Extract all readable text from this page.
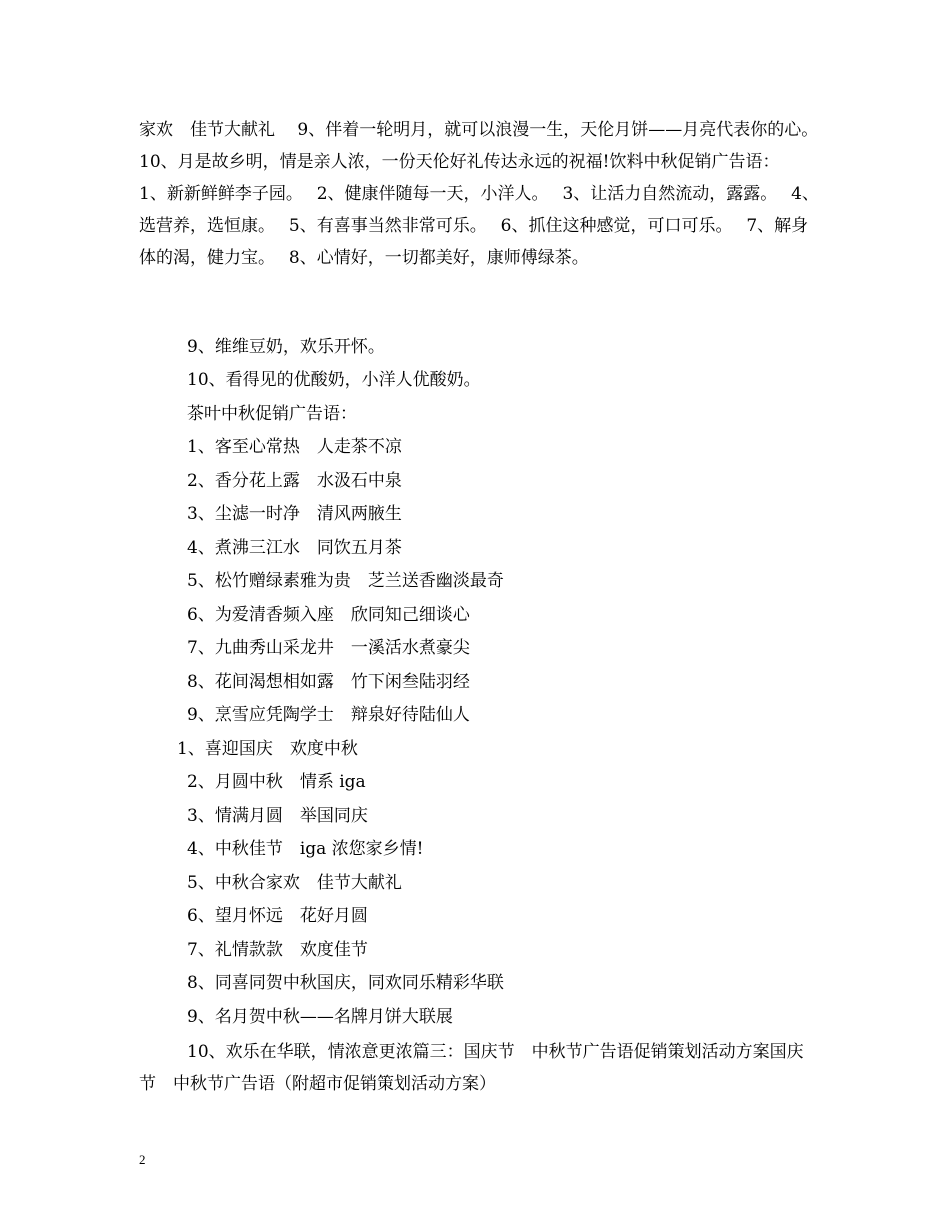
家欢　佳节大献礼　 9、伴着一轮明月，就可以浪漫一生，天伦月饼——月亮代表你的心。　 10、月是故乡明，情是亲人浓，一份天伦好礼传达永远的祝福!饮料中秋促销广告语：　 1、新新鲜鲜李子园。　 2、健康伴随每一天，小洋人。　 3、让活力自然流动，露露。　 4、选营养，选恒康。　 5、有喜事当然非常可乐。　 6、抓住这种感觉，可口可乐。　 7、解身体的渴，健力宝。　 8、心情好，一切都美好，康师傅绿茶。

9、维维豆奶，欢乐开怀。

10、看得见的优酸奶，小洋人优酸奶。

茶叶中秋促销广告语：

1、客至心常热　人走茶不凉

2、香分花上露　水汲石中泉

3、尘滤一时净　清风两腋生

4、煮沸三江水　同饮五月茶

5、松竹赠绿素雅为贵　芝兰送香幽淡最奇

6、为爱清香频入座　欣同知己细谈心

7、九曲秀山采龙井　一溪活水煮豪尖

8、花间渴想相如露　竹下闲叁陆羽经

9、烹雪应凭陶学士　辩泉好待陆仙人

1、喜迎国庆　欢度中秋

2、月圆中秋　情系 iga

3、情满月圆　举国同庆

4、中秋佳节　iga 浓您家乡情!

5、中秋合家欢　佳节大献礼

6、望月怀远　花好月圆

7、礼情款款　欢度佳节

8、同喜同贺中秋国庆，同欢同乐精彩华联

9、名月贺中秋——名牌月饼大联展

10、欢乐在华联，情浓意更浓篇三：国庆节　中秋节广告语促销策划活动方案国庆节　中秋节广告语（附超市促销策划活动方案）

2
